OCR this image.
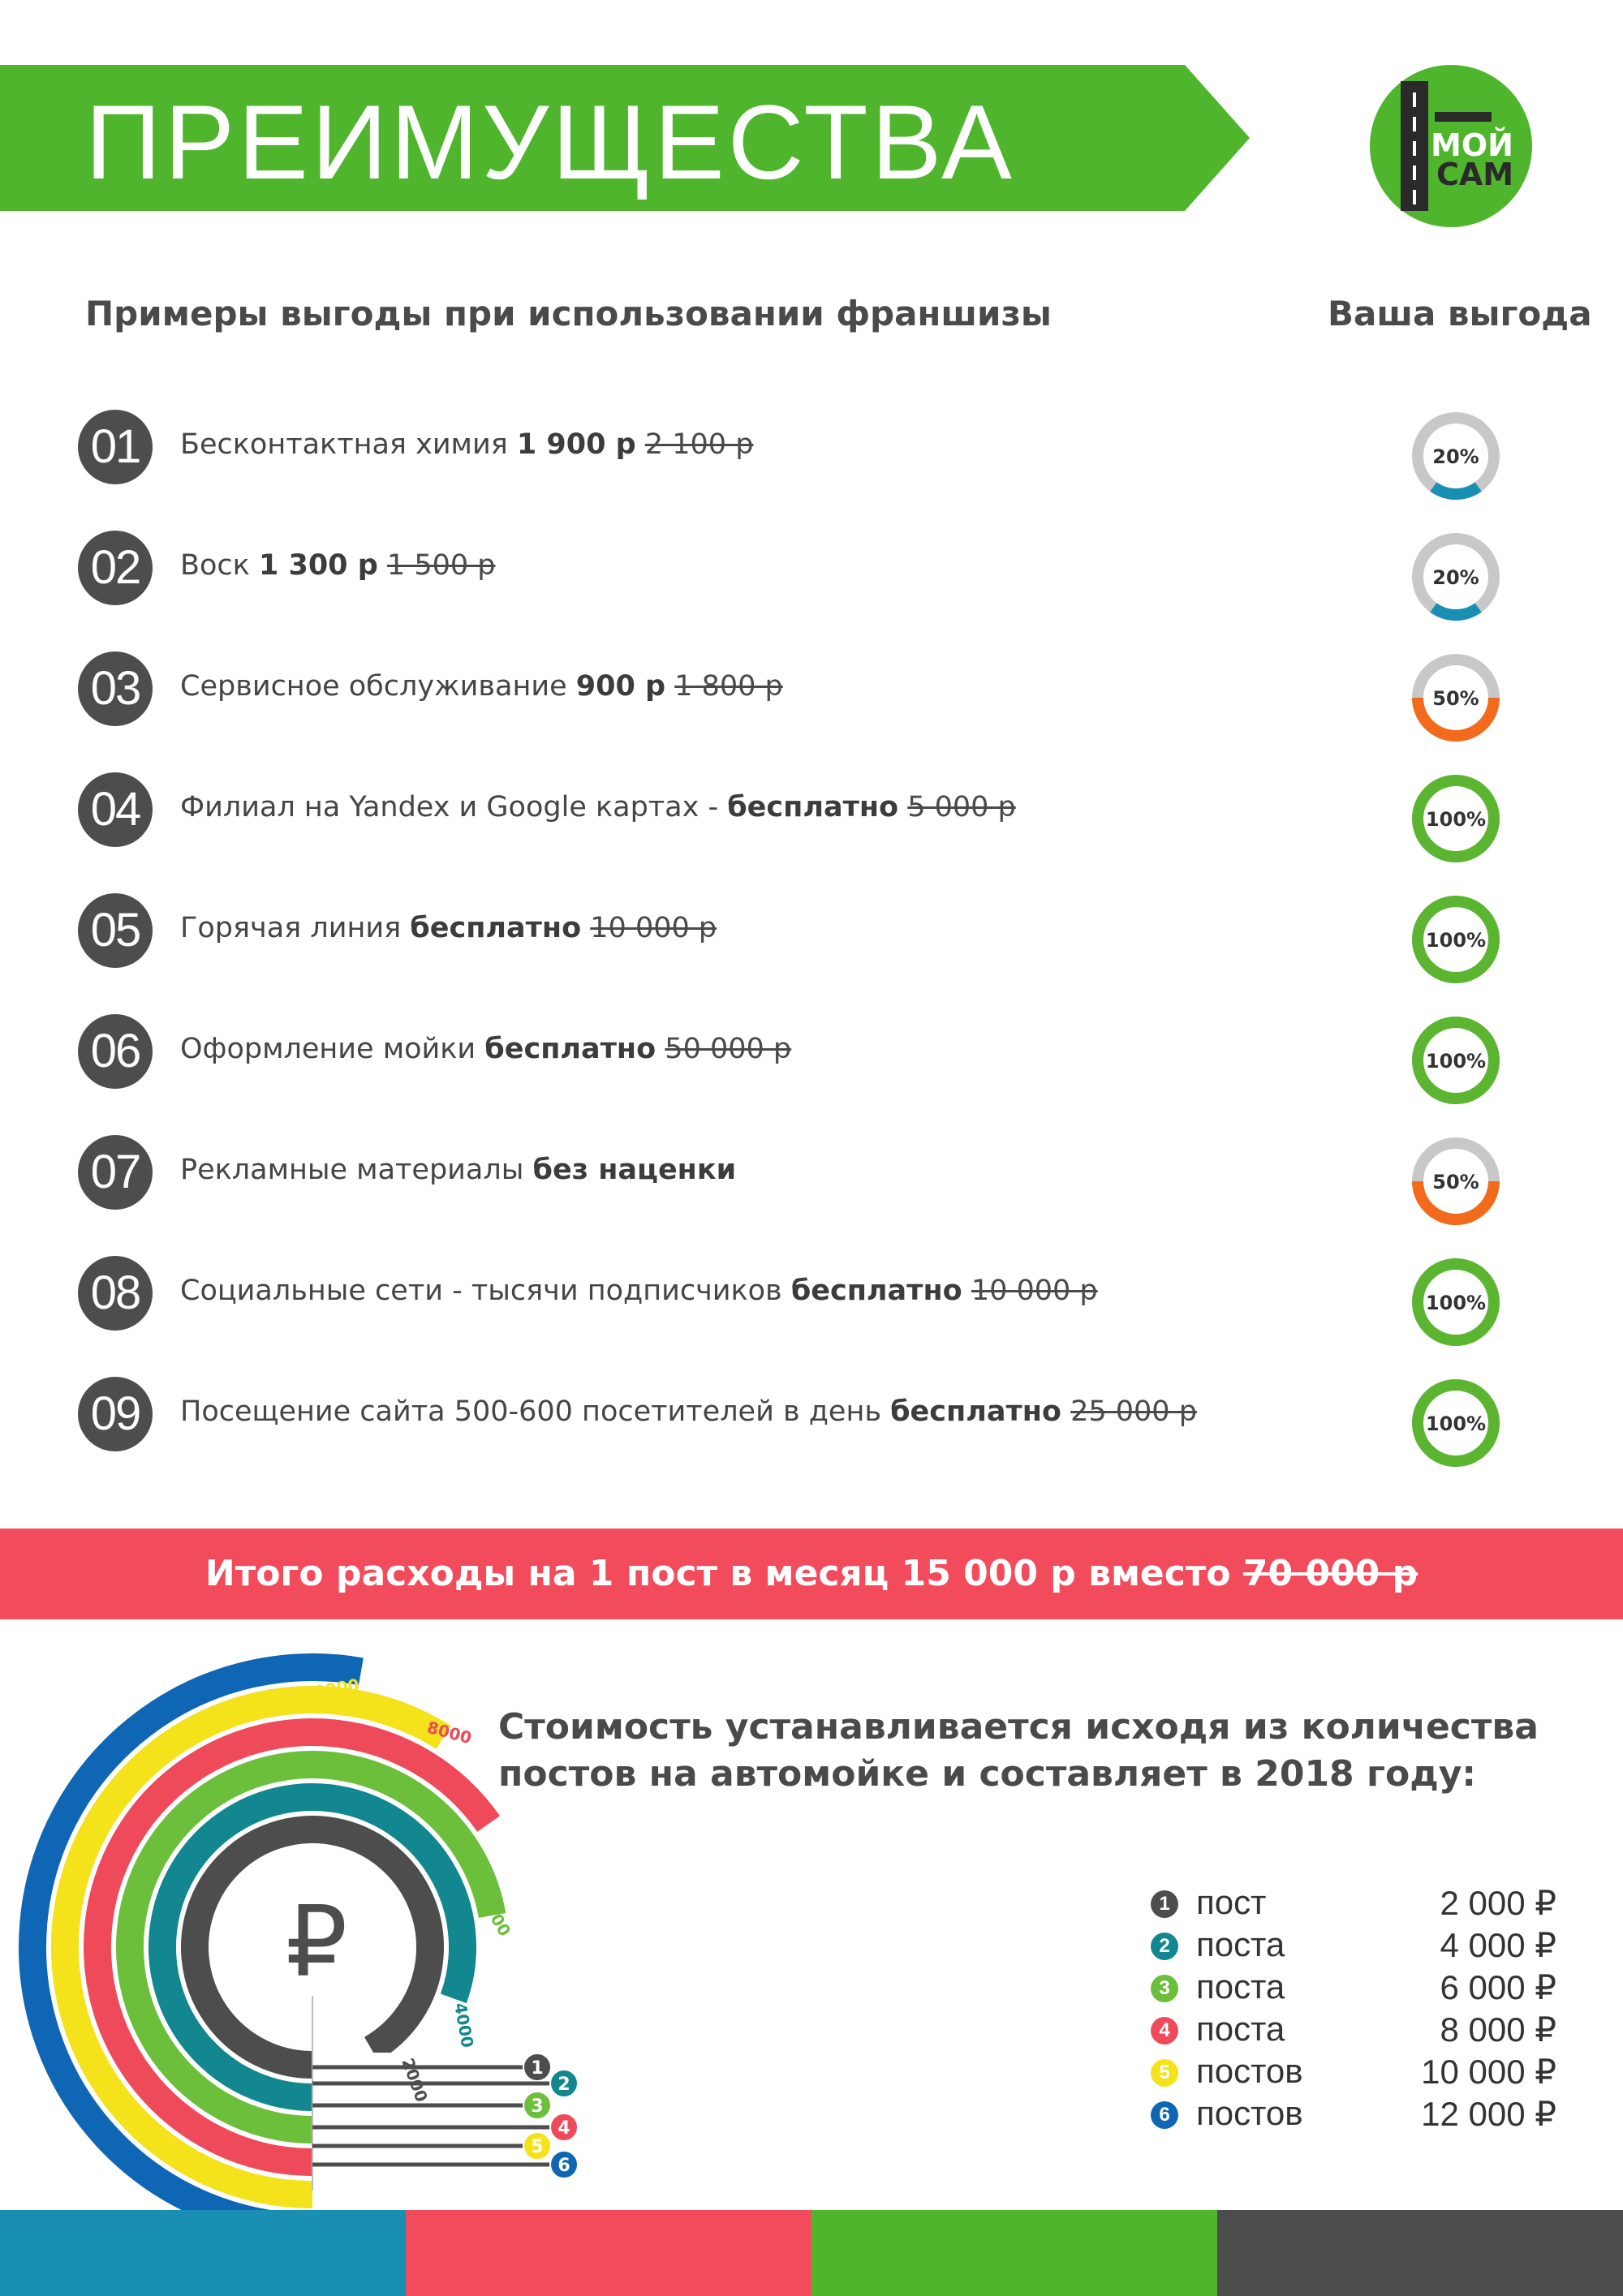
ПРЕИМУЩЕСТВА	МОЙ
САМ
Примеры выгоды при использовании франшизы	Ваша выгода
01	Бесконтактная химия 1 900 р 2 100 р	20%
02	Воск 1 300 р 1 500 р	20%
03	Сервисное обслуживание 900 р 1 800 р	50%
04	Филиал на Yandex и Google картах - бесплатно 5 000 р	100%
05	Горячая линия бесплатно 10 000 р	100%
06	Оформление мойки бесплатно 50 000 р	100%
07	Рекламные материалы без наценки	50%
08	Социальные сети - тысячи подписчиков бесплатно 10 000 р	100%
09	Посещение сайта 500-600 посетителей в день бесплатно 25 000 р	100%
Итого расходы на 1 пост в месяц 15 000 р вместо 70 000 р
Стоимость устанавливается исходя из количества
постов на автомойке и составляет в 2018 году:
1
2
3
4
5
6
₽
2000
4000
6000
8000
10000
12000
1 пост	2 000 ₽
2 поста	4 000 ₽
3 поста	6 000 ₽
4 поста	8 000 ₽
5 постов	10 000 ₽
6 постов	12 000 ₽
